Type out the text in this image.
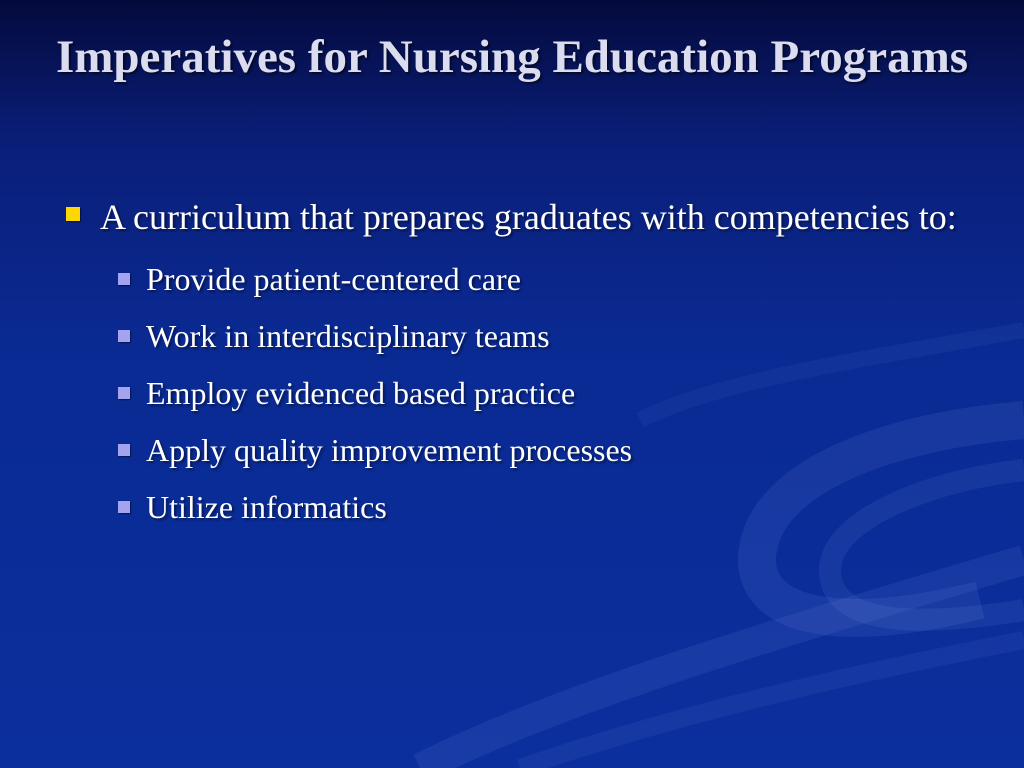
Imperatives for Nursing Education Programs

A curriculum that prepares graduates with competencies to:

Provide patient-centered care
Work in interdisciplinary teams
Employ evidenced based practice
Apply quality improvement processes
Utilize informatics
